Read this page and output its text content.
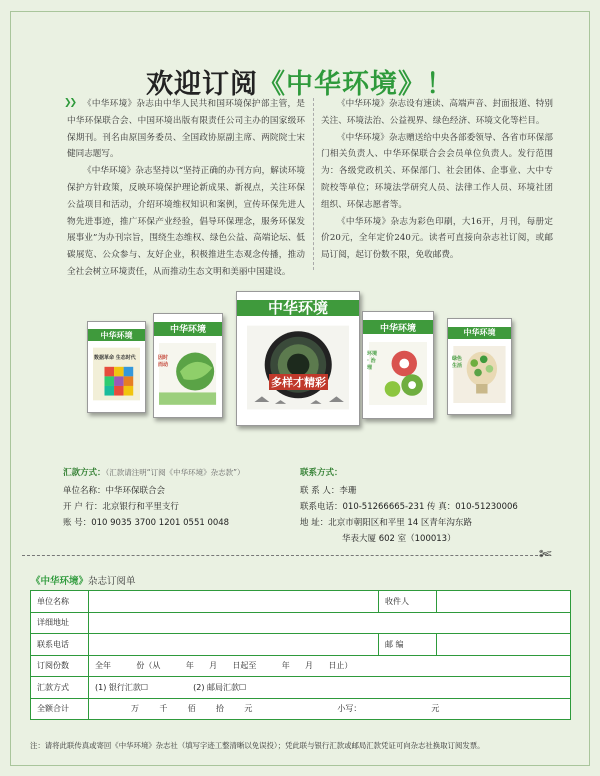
欢迎订阅《中华环境》！
❯❯ 《中华环境》杂志由中华人民共和国环境保护部主管，是中华环保联合会、中国环境出版有限责任公司主办的国家级环保期刊。刊名由原国务委员、全国政协原副主席、两院院士宋健同志题写。

《中华环境》杂志坚持以“坚持正确的办刊方向，解读环境保护方针政策，反映环境保护理论新成果、新视点，关注环保公益项目和活动，介绍环境维权知识和案例，宣传环保先进人物先进事迹，推广环保产业经验，倡导环保理念，服务环保发展事业”为办刊宗旨，围绕生态维权、绿色公益、高端论坛、低碳展览、公众参与、友好企业，积极推进生态观念传播，推动全社会树立环境责任，从而推动生态文明和美丽中国建设。

《中华环境》杂志设有速读、高端声音、封面报道、特别关注、环境法治、公益视界、绿色经济、环境文化等栏目。

《中华环境》杂志赠送给中央各部委领导、各省市环保部门相关负责人、中华环保联合会会员单位负责人。发行范围为：各级党政机关、环保部门、社会团体、企事业、大中专院校等单位；环境法学研究人员、法律工作人员、环境社团组织、环保志愿者等。

《中华环境》杂志为彩色印刷，大16开，月刊，每册定价20元，全年定价240元。读者可直接向杂志社订阅，或邮局订阅，起订份数不限，免收邮费。

中华环境
数据革命 生态时代
中华环境
因时而动
中华环境
多样才精彩
中华环境
环境 · 治理
中华环境
绿色生活
汇款方式：（汇款请注明“订阅《中华环境》杂志款”）
单位名称：中华环保联合会
开 户 行：北京银行和平里支行
账 号：010 9035 3700 1201 0551 0048
联系方式：
联 系 人：李珊
联系电话：010-51266665-231 传 真：010-51230006
地 址：北京市朝阳区和平里 14 区青年沟东路
华表大厦 602 室（100013）
✄
《中华环境》杂志订阅单
单位名称		收件人	
详细地址			
联系电话		邮 编	
订阅份数	全年          份（从          年      月      日起至          年      月      日止）		
汇款方式	(1) 银行汇款☐ (2) 邮局汇款☐		
全额合计	万        千        佰        拾        元 小写： 元		
注：请将此联传真或寄回《中华环境》杂志社（填写字迹工整清晰以免误投）；凭此联与银行汇款或邮局汇款凭证可向杂志社换取订阅发票。
